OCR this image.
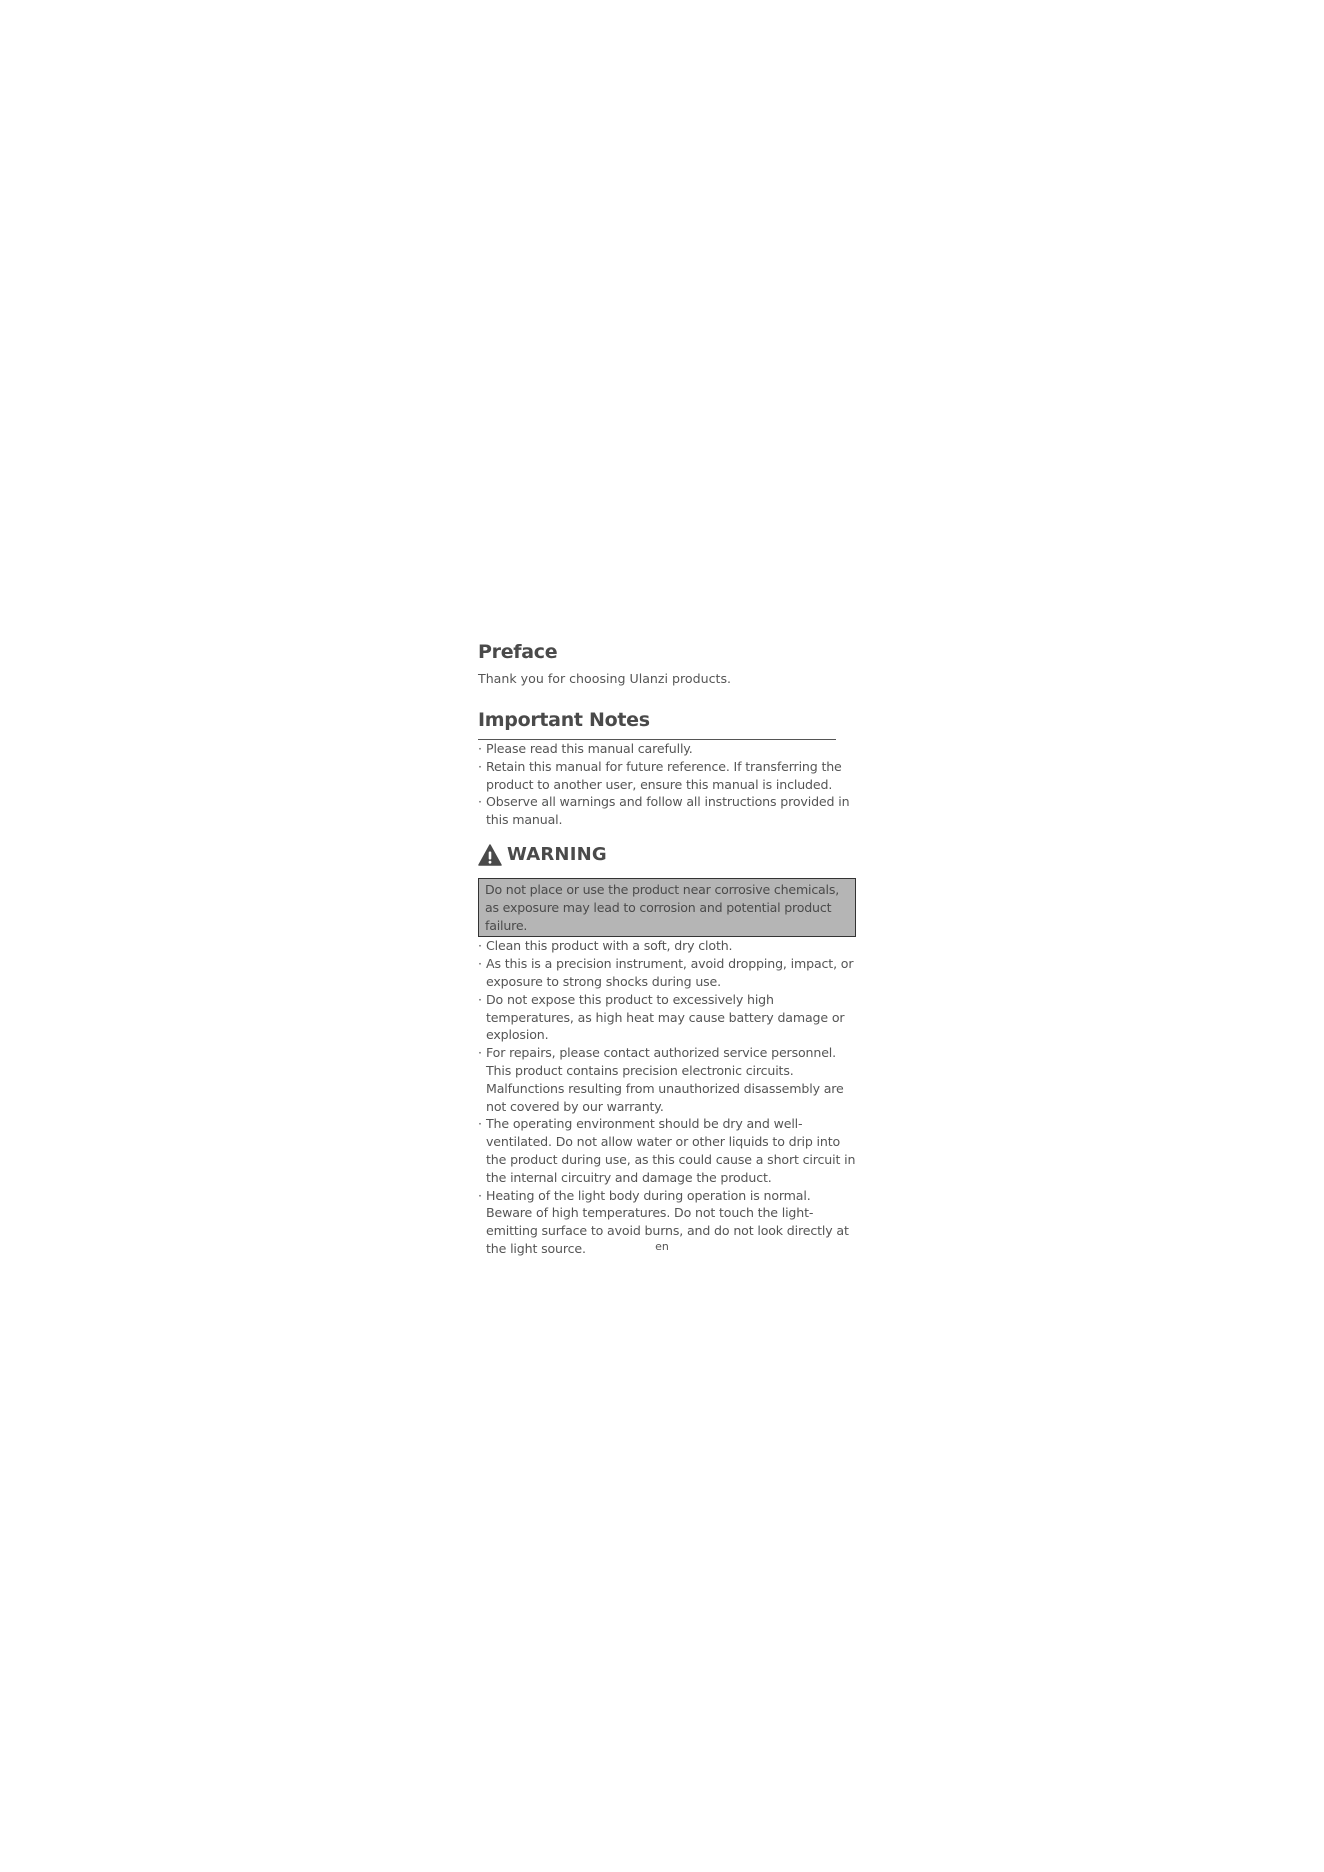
Preface

Thank you for choosing Ulanzi products.

Important Notes
· Please read this manual carefully.
· Retain this manual for future reference. If transferring the product to another user, ensure this manual is included.
· Observe all warnings and follow all instructions provided in this manual.
WARNING
Do not place or use the product near corrosive chemicals, as exposure may lead to corrosion and potential product failure.
· Clean this product with a soft, dry cloth.
· As this is a precision instrument, avoid dropping, impact, or exposure to strong shocks during use.
· Do not expose this product to excessively high temperatures, as high heat may cause battery damage or explosion.
· For repairs, please contact authorized service personnel. This product contains precision electronic circuits. Malfunctions resulting from unauthorized disassembly are not covered by our warranty.
· The operating environment should be dry and well-ventilated. Do not allow water or other liquids to drip into the product during use, as this could cause a short circuit in the internal circuitry and damage the product.
· Heating of the light body during operation is normal. Beware of high temperatures. Do not touch the light-emitting surface to avoid burns, and do not look directly at the light source.	en
